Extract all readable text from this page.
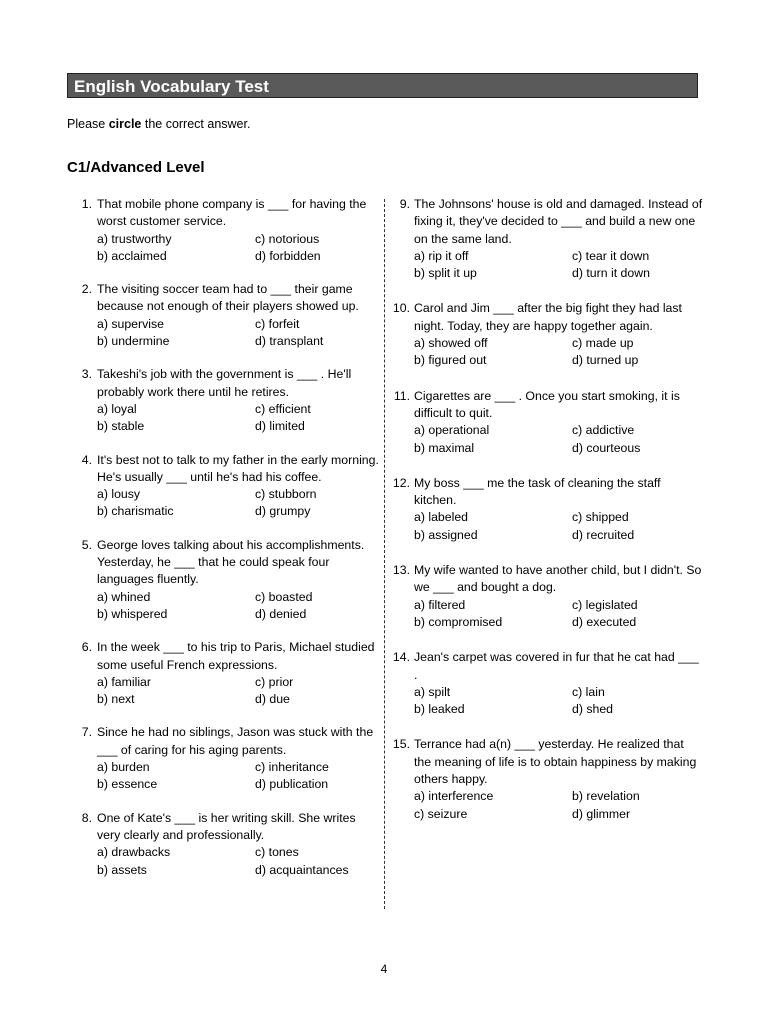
English Vocabulary Test
Please circle the correct answer.
C1/Advanced Level
1. That mobile phone company is ___ for having the worst customer service.
a) trustworthy	c) notorious
b) acclaimed	d) forbidden
2. The visiting soccer team had to ___ their game because not enough of their players showed up.
a) supervise	c) forfeit
b) undermine	d) transplant
3. Takeshi's job with the government is ___ . He'll probably work there until he retires.
a) loyal	c) efficient
b) stable	d) limited
4. It's best not to talk to my father in the early morning. He's usually ___ until he's had his coffee.
a) lousy	c) stubborn
b) charismatic	d) grumpy
5. George loves talking about his accomplishments. Yesterday, he ___ that he could speak four languages fluently.
a) whined	c) boasted
b) whispered	d) denied
6. In the week ___ to his trip to Paris, Michael studied some useful French expressions.
a) familiar	c) prior
b) next	d) due
7. Since he had no siblings, Jason was stuck with the ___ of caring for his aging parents.
a) burden	c) inheritance
b) essence	d) publication
8. One of Kate's ___ is her writing skill. She writes very clearly and professionally.
a) drawbacks	c) tones
b) assets	d) acquaintances
9. The Johnsons' house is old and damaged. Instead of fixing it, they've decided to ___ and build a new one on the same land.
a) rip it off	c) tear it down
b) split it up	d) turn it down
10. Carol and Jim ___ after the big fight they had last night. Today, they are happy together again.
a) showed off	c) made up
b) figured out	d) turned up
11. Cigarettes are ___ . Once you start smoking, it is difficult to quit.
a) operational	c) addictive
b) maximal	d) courteous
12. My boss ___ me the task of cleaning the staff kitchen.
a) labeled	c) shipped
b) assigned	d) recruited
13. My wife wanted to have another child, but I didn't. So we ___ and bought a dog.
a) filtered	c) legislated
b) compromised	d) executed
14. Jean's carpet was covered in fur that he cat had ___ .
a) spilt	c) lain
b) leaked	d) shed
15. Terrance had a(n) ___ yesterday. He realized that the meaning of life is to obtain happiness by making others happy.
a) interference	b) revelation
c) seizure	d) glimmer
4
